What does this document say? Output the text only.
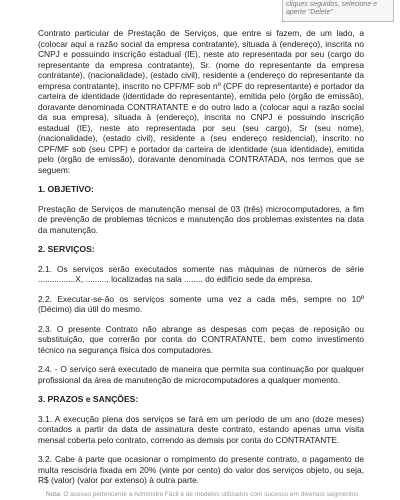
cliques seguidos, selecione e aperte "Delete"

Contrato particular de Prestação de Serviços, que entre si fazem, de um lado, a (colocar aqui a razão social da empresa contratante), situada à (endereço), inscrita no CNPJ e possuindo inscrição estadual (IE), neste ato representada por seu (cargo do representante da empresa contratante), Sr. (nome do representante da empresa contratante), (nacionalidade), (estado civil), residente a (endereço do representante da empresa contratante), inscrito no CPF/MF sob nº (CPF do representante) e portador da carteira de identidade (identidade do representante), emitida pelo (órgão de emissão), doravante denominada CONTRATANTE e do outro lado a (colocar aqui a razão social da sua empresa), situada à (endereço), inscrita no CNPJ e possuindo inscrição estadual (IE), neste ato representada por seu (seu cargo), Sr (seu nome), (nacionalidade), (estado civil), residente a (seu endereço residencial), inscrito no CPF/MF sob (seu CPF) e portador da carteira de identidade (sua identidade), emitida pelo (órgão de emissão), doravante denominada CONTRATADA, nos termos que se seguem:

1. OBJETIVO:

Prestação de Serviços de manutenção mensal de 03 (três) microcomputadores, a fim de prevenção de problemas técnicos e manutenção dos problemas existentes na data da manutenção.

2. SERVIÇOS:

2.1. Os serviços serão executados somente nas máquinas de números de série ................X, ........., localizadas na sala ........ do edifício sede da empresa.

2.2. Executar-se-ão os serviços somente uma vez a cada mês, sempre no 10º (Décimo) dia útil do mesmo.

2.3. O presente Contrato não abrange as despesas com peças de reposição ou substituição, que correrão por conta do CONTRATANTE, bem como investimento técnico na segurança física dos computadores.

2.4. - O serviço será executado de maneira que permita sua continuação por qualquer profissional da área de manutenção de microcomputadores a qualquer momento.

3. PRAZOS e SANÇÕES:

3.1. A execução plena dos serviços se fará em um período de um ano (doze meses) contados a partir da data de assinatura deste contrato, estando apenas uma visita mensal coberta pelo contrato, correndo as demais por conta do CONTRATANTE.

3.2. Cabe à parte que ocasionar o rompimento do presente contrato, o pagamento de multa rescisória fixada em 20% (vinte por cento) do valor dos serviços objeto, ou seja, R$ (valor) (valor por extenso) à outra parte.

Nota: O acesso pertencente a Adminstre Fácil é de modelos utilizados com sucesso em diversos segmentos
